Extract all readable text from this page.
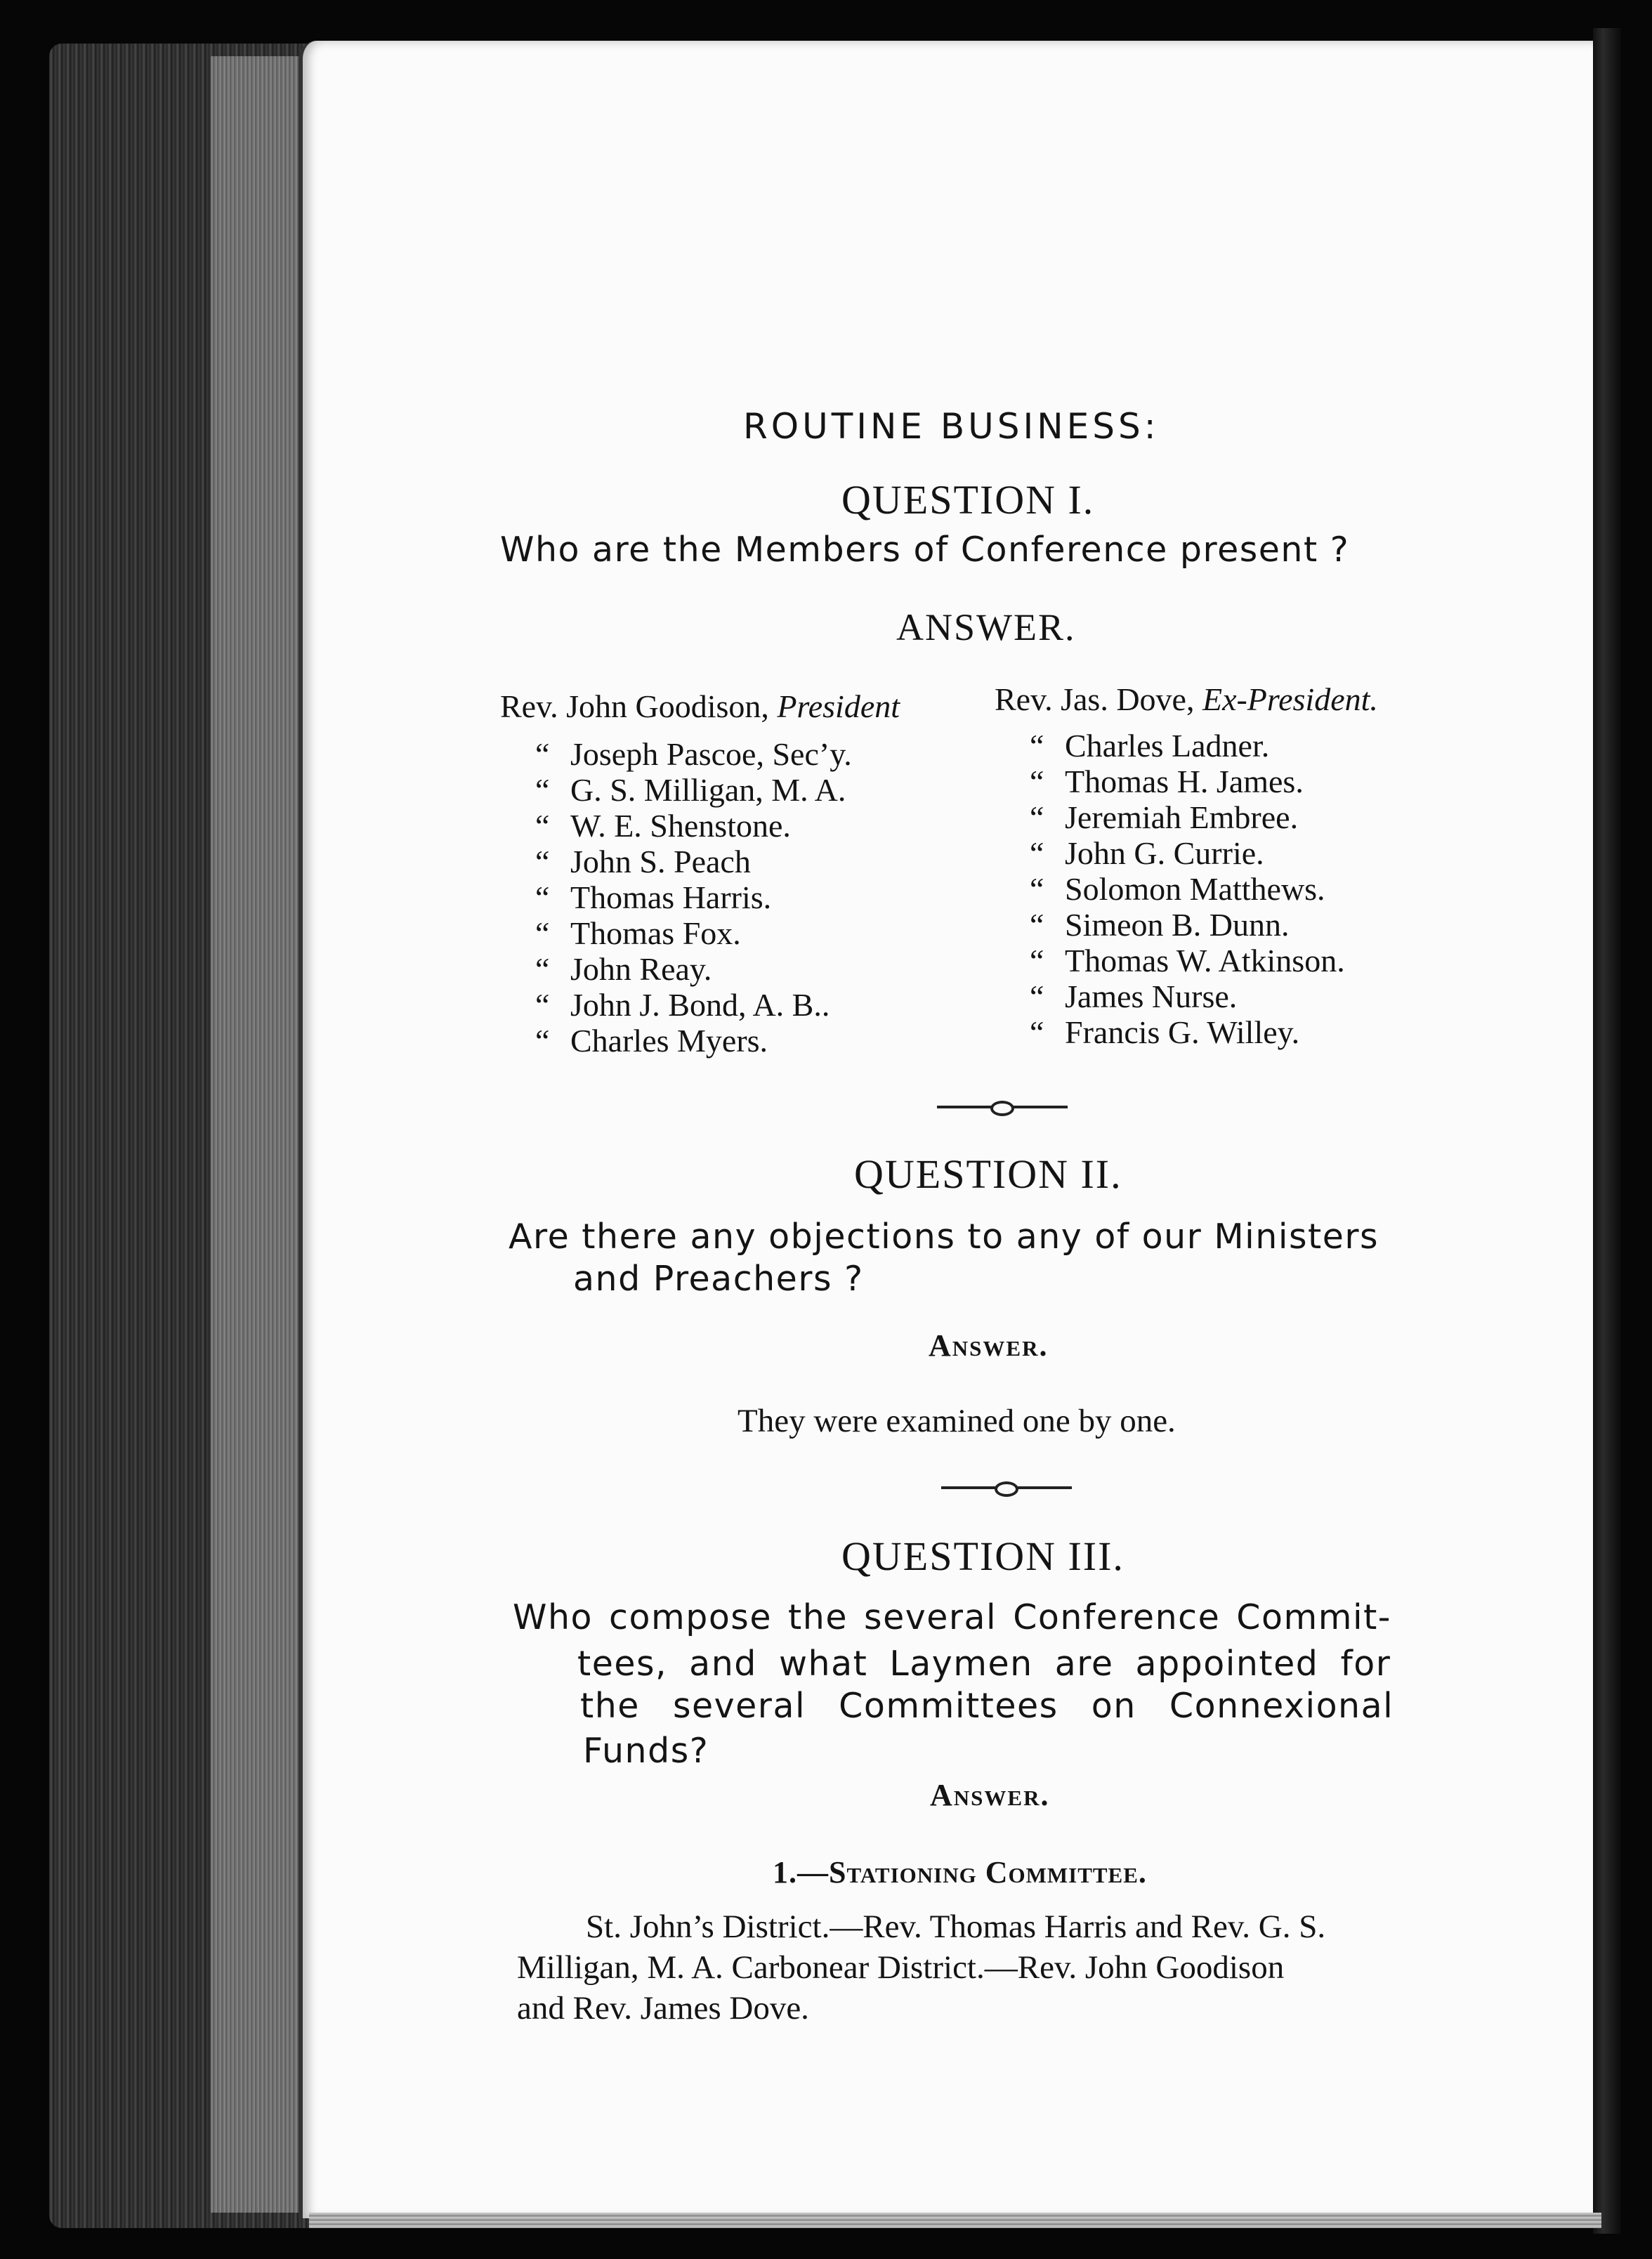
ROUTINE BUSINESS:
QUESTION I.
Who are the Members of Conference present ?
ANSWER.
Rev. John Goodison, President	Rev. Jas. Dove, Ex-President.
“ Joseph Pascoe, Sec’y.
“ G. S. Milligan, M. A.
“ W. E. Shenstone.
“ John S. Peach
“ Thomas Harris.
“ Thomas Fox.
“ John Reay.
“ John J. Bond, A. B..
“ Charles Myers.
“ Charles Ladner.
“ Thomas H. James.
“ Jeremiah Embree.
“ John G. Currie.
“ Solomon Matthews.
“ Simeon B. Dunn.
“ Thomas W. Atkinson.
“ James Nurse.
“ Francis G. Willey.
QUESTION II.
Are there any objections to any of our Ministers
and Preachers ?
Answer.
They were examined one by one.
QUESTION III.
Who compose the several Conference Commit-
tees, and what Laymen are appointed for
the several Committees on Connexional
Funds?
Answer.
1.—Stationing Committee.
St. John’s District.—Rev. Thomas Harris and Rev. G. S.
Milligan, M. A. Carbonear District.—Rev. John Goodison
and Rev. James Dove.
